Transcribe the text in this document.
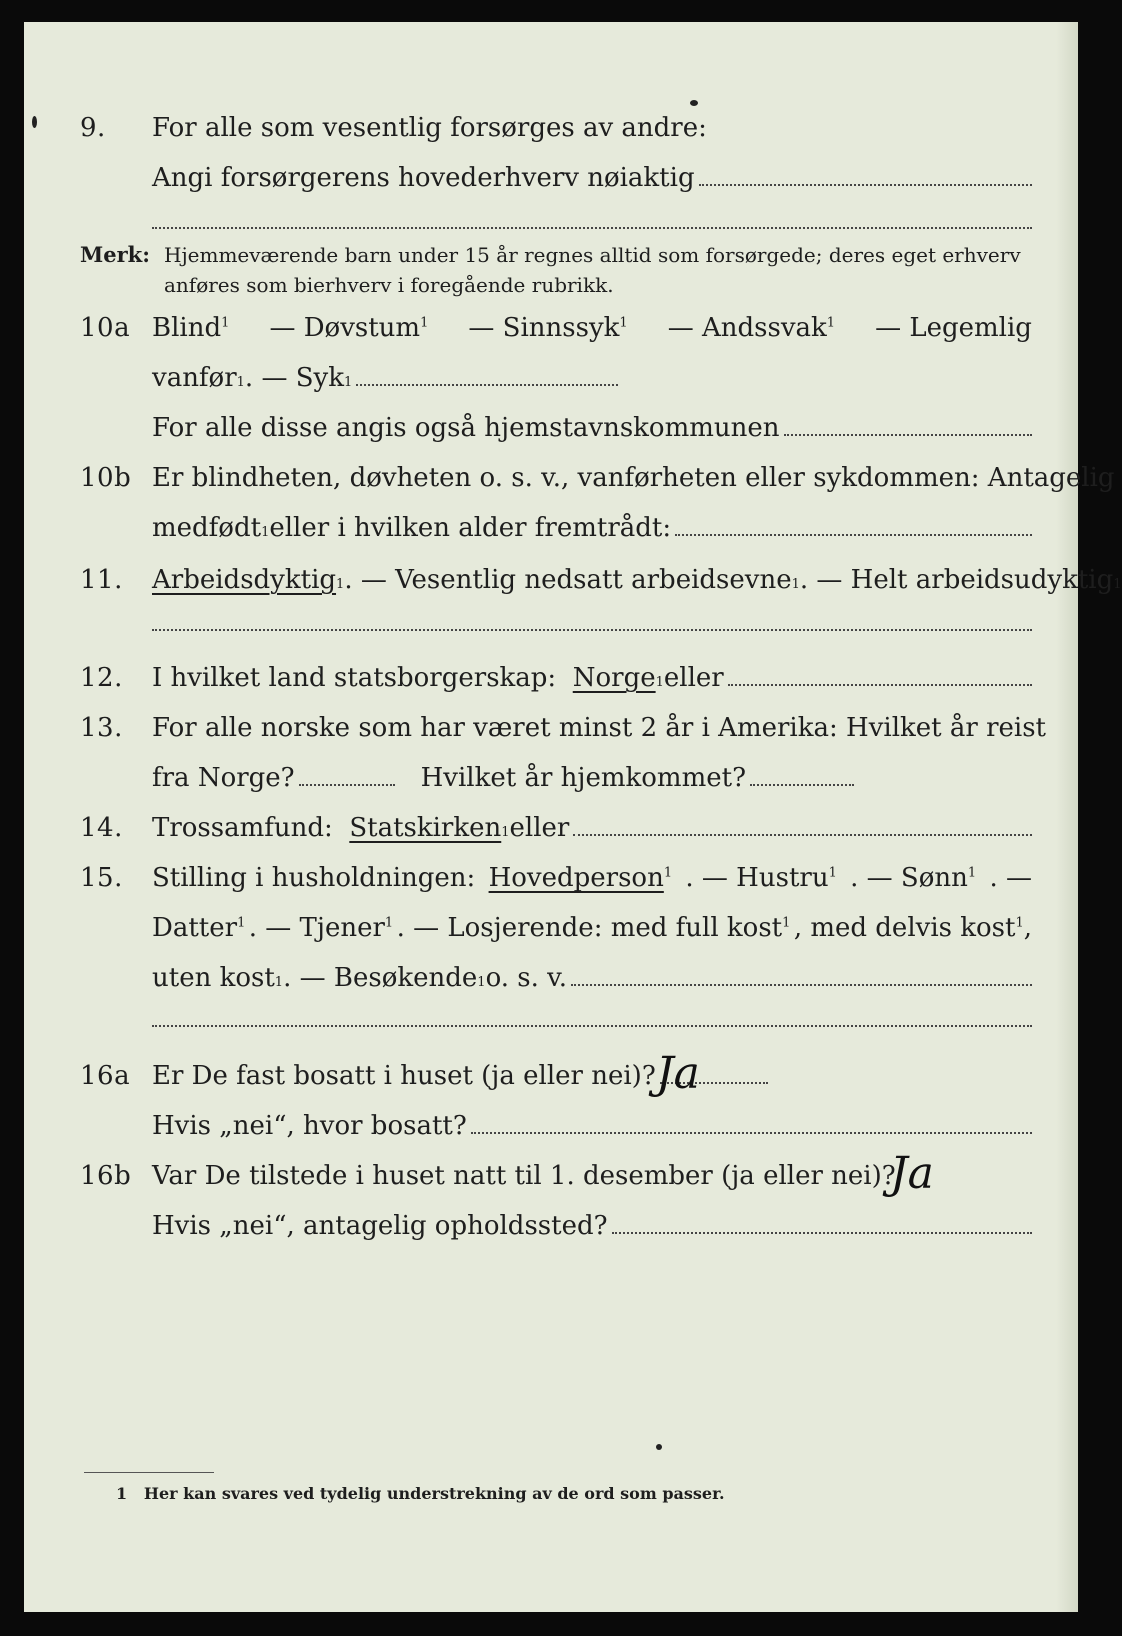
9. For alle som vesentlig forsørges av andre:
Angi forsørgerens hovederhverv nøiaktig
Merk: Hjemmeværende barn under 15 år regnes alltid som forsørgede; deres eget erhverv
anføres som bierhverv i foregående rubrikk.
10a Blind$^1$ — Døvstum$^1$ — Sinnssyk$^1$ — Andssvak$^1$ — Legemlig
vanfør 1 . — Syk 1
For alle disse angis også hjemstavnskommunen
10b Er blindheten, døvheten o. s. v., vanførheten eller sykdommen: Antagelig
medfødt 1 eller i hvilken alder fremtrådt:
11. Arbeidsdyktig 1 . — Vesentlig nedsatt arbeidsevne 1 . — Helt arbeidsudyktig 1
12. I hvilket land statsborgerskap:
Norge 1 eller
13. For alle norske som har været minst 2 år i Amerika: Hvilket år reist
fra Norge?	Hvilket år hjemkommet?
14. Trossamfund:
Statskirken 1 eller
15. Stilling i husholdningen: Hovedperson$^1$ . — Hustru$^1$ . — Sønn$^1$ . —
Datter$^1$ . — Tjener$^1$ . — Losjerende: med full kost$^1$ , med delvis kost$^1$,
uten kost 1 . — Besøkende 1 o. s. v.
16a Er De fast bosatt i huset (ja eller nei)? Ja
Hvis „nei“, hvor bosatt?
16b Var De tilstede i huset natt til 1. desember (ja eller nei)?
Ja
Hvis „nei“, antagelig opholdssted?
1 Her kan svares ved tydelig understrekning av de ord som passer.
